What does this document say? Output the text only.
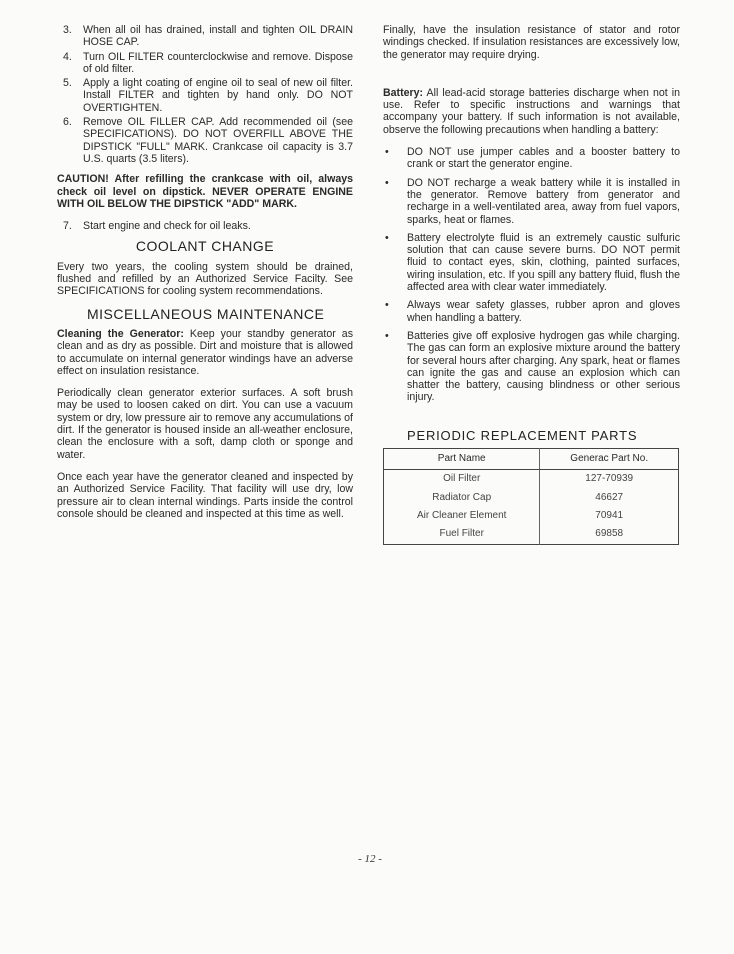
3.	When all oil has drained, install and tighten OIL DRAIN HOSE CAP.
4.	Turn OIL FILTER counterclockwise and remove. Dispose of old filter.
5.	Apply a light coating of engine oil to seal of new oil filter. Install FILTER and tighten by hand only. DO NOT OVERTIGHTEN.
6.	Remove OIL FILLER CAP. Add recommended oil (see SPECIFICATIONS). DO NOT OVERFILL ABOVE THE DIPSTICK "FULL" MARK. Crankcase oil capacity is 3.7 U.S. quarts (3.5 liters).
CAUTION! After refilling the crankcase with oil, always check oil level on dipstick. NEVER OPERATE ENGINE WITH OIL BELOW THE DIPSTICK "ADD" MARK.
7.	Start engine and check for oil leaks.
COOLANT CHANGE

Every two years, the cooling system should be drained, flushed and refilled by an Authorized Service Facilty. See SPECIFICATIONS for cooling system recommendations.

MISCELLANEOUS MAINTENANCE

Cleaning the Generator: Keep your standby generator as clean and as dry as possible. Dirt and moisture that is allowed to accumulate on internal generator windings have an adverse effect on insulation resistance.

Periodically clean generator exterior surfaces. A soft brush may be used to loosen caked on dirt. You can use a vacuum system or dry, low pressure air to remove any accumulations of dirt. If the generator is housed inside an all-weather enclosure, clean the enclosure with a soft, damp cloth or sponge and water.

Once each year have the generator cleaned and inspected by an Authorized Service Facility. That facility will use dry, low pressure air to clean internal windings. Parts inside the control console should be cleaned and inspected at this time as well.

Finally, have the insulation resistance of stator and rotor windings checked. If insulation resistances are excessively low, the generator may require drying.

Battery: All lead-acid storage batteries discharge when not in use. Refer to specific instructions and warnings that accompany your battery. If such information is not available, observe the following precautions when handling a battery:

•	DO NOT use jumper cables and a booster battery to crank or start the generator engine.
•	DO NOT recharge a weak battery while it is installed in the generator. Remove battery from generator and recharge in a well-ventilated area, away from fuel vapors, sparks, heat or flames.
•	Battery electrolyte fluid is an extremely caustic sulfuric solution that can cause severe burns. DO NOT permit fluid to contact eyes, skin, clothing, painted surfaces, wiring insulation, etc. If you spill any battery fluid, flush the affected area with clear water immediately.
•	Always wear safety glasses, rubber apron and gloves when handling a battery.
•	Batteries give off explosive hydrogen gas while charging. The gas can form an explosive mixture around the battery for several hours after charging. Any spark, heat or flames can ignite the gas and cause an explosion which can shatter the battery, causing blindness or other serious injury.
PERIODIC REPLACEMENT PARTS
Part Name	Generac Part No.
Oil Filter	127-70939
Radiator Cap	46627
Air Cleaner Element	70941
Fuel Filter	69858
- 12 -
